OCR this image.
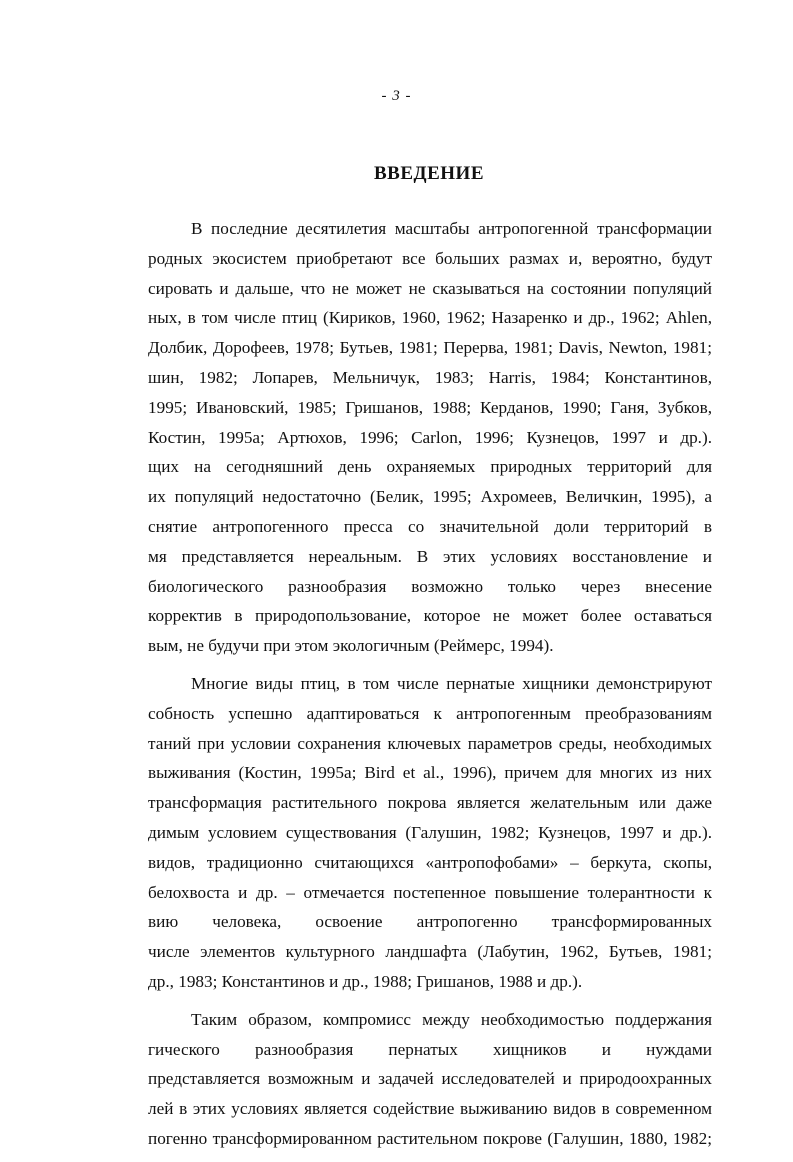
- 3 -
ВВЕДЕНИЕ
В последние десятилетия масштабы антропогенной трансформации
родных экосистем приобретают все больших размах и, вероятно, будут
сировать и дальше, что не может не сказываться на состоянии популяций
ных, в том числе птиц (Кириков, 1960, 1962; Назаренко и др., 1962; Ahlen,
Долбик, Дорофеев, 1978; Бутьев, 1981; Перерва, 1981; Davis, Newton, 1981;
шин, 1982; Лопарев, Мельничук, 1983; Harris, 1984; Константинов,
1995; Ивановский, 1985; Гришанов, 1988; Керданов, 1990; Ганя, Зубков,
Костин, 1995а; Артюхов, 1996; Carlon, 1996; Кузнецов, 1997 и др.).
щих на сегодняшний день охраняемых природных территорий для
их популяций недостаточно (Белик, 1995; Ахромеев, Величкин, 1995), а
снятие антропогенного пресса со значительной доли территорий в
мя представляется нереальным. В этих условиях восстановление и
биологического разнообразия возможно только через внесение
корректив в природопользование, которое не может более оставаться
вым, не будучи при этом экологичным (Реймерс, 1994).
Многие виды птиц, в том числе пернатые хищники демонстрируют
собность успешно адаптироваться к антропогенным преобразованиям
таний при условии сохранения ключевых параметров среды, необходимых
выживания (Костин, 1995а; Bird et al., 1996), причем для многих из них
трансформация растительного покрова является желательным или даже
димым условием существования (Галушин, 1982; Кузнецов, 1997 и др.).
видов, традиционно считающихся «антропофобами» – беркута, скопы,
белохвоста и др. – отмечается постепенное повышение толерантности к
вию человека, освоение антропогенно трансформированных
числе элементов культурного ландшафта (Лабутин, 1962, Бутьев, 1981;
др., 1983; Константинов и др., 1988; Гришанов, 1988 и др.).
Таким образом, компромисс между необходимостью поддержания
гического разнообразия пернатых хищников и нуждами
представляется возможным и задачей исследователей и природоохранных
лей в этих условиях является содействие выживанию видов в современном
погенно трансформированном растительном покрове (Галушин, 1880, 1982;
